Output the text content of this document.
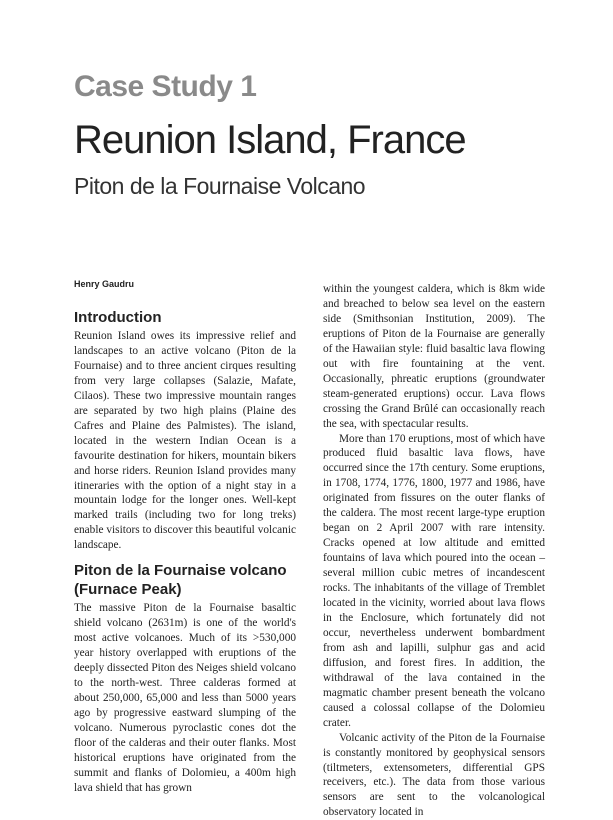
Case Study 1
Reunion Island, France
Piton de la Fournaise Volcano
Henry Gaudru
Introduction

Reunion Island owes its impressive relief and landscapes to an active volcano (Piton de la Fournaise) and to three ancient cirques resulting from very large collapses (Salazie, Mafate, Cilaos). These two impressive mountain ranges are separated by two high plains (Plaine des Cafres and Plaine des Palmistes). The island, located in the western Indian Ocean is a favourite destination for hikers, mountain bikers and horse riders. Reunion Island provides many itineraries with the option of a night stay in a mountain lodge for the longer ones. Well-kept marked trails (including two for long treks) enable visitors to discover this beautiful volcanic landscape.

Piton de la Fournaise volcano (Furnace Peak)

The massive Piton de la Fournaise basaltic shield volcano (2631m) is one of the world's most active volcanoes. Much of its >530,000 year history overlapped with eruptions of the deeply dissected Piton des Neiges shield volcano to the north-west. Three calderas formed at about 250,000, 65,000 and less than 5000 years ago by progressive eastward slumping of the volcano. Numerous pyroclastic cones dot the floor of the calderas and their outer flanks. Most historical eruptions have originated from the summit and flanks of Dolomieu, a 400m high lava shield that has grown

within the youngest caldera, which is 8km wide and breached to below sea level on the eastern side (Smithsonian Institution, 2009). The eruptions of Piton de la Fournaise are generally of the Hawaiian style: fluid basaltic lava flowing out with fire fountaining at the vent. Occasionally, phreatic eruptions (groundwater steam-generated eruptions) occur. Lava flows crossing the Grand Brûlé can occasionally reach the sea, with spectacular results.

More than 170 eruptions, most of which have produced fluid basaltic lava flows, have occurred since the 17th century. Some eruptions, in 1708, 1774, 1776, 1800, 1977 and 1986, have originated from fissures on the outer flanks of the caldera. The most recent large-type eruption began on 2 April 2007 with rare intensity. Cracks opened at low altitude and emitted fountains of lava which poured into the ocean – several million cubic metres of incandescent rocks. The inhabitants of the village of Tremblet located in the vicinity, worried about lava flows in the Enclosure, which fortunately did not occur, nevertheless underwent bombardment from ash and lapilli, sulphur gas and acid diffusion, and forest fires. In addition, the withdrawal of the lava contained in the magmatic chamber present beneath the volcano caused a colossal collapse of the Dolomieu crater.

Volcanic activity of the Piton de la Fournaise is constantly monitored by geophysical sensors (tiltmeters, extensometers, differential GPS receivers, etc.). The data from those various sensors are sent to the volcanological observatory located in
